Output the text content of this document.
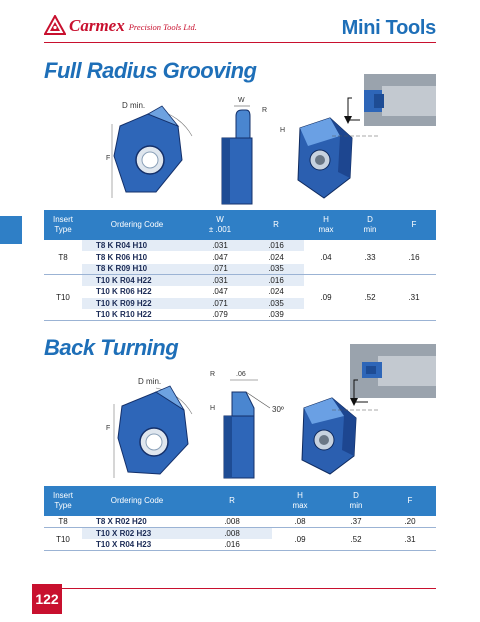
Carmex Precision Tools Ltd.	Mini Tools
Full Radius Grooving
D min.
F
W
R
H
Insert
Type	Ordering Code	W
± .001	R	H
max	D
min	F
T8	T8 K R04 H10	.031	.016	.04	.33	.16
	T8 K R06 H10	.047	.024			
	T8 K R09 H10	.071	.035			
T10	T10 K R04 H22	.031	.016	.09	.52	.31
	T10 K R06 H22	.047	.024			
	T10 K R09 H22	.071	.035			
	T10 K R10 H22	.079	.039			
Back Turning
D min.
F
R	.06
H	30º
Insert
Type	Ordering Code	R	H
max	D
min	F
T8	T8 X R02 H20	.008	.08	.37	.20
T10	T10 X R02 H23	.008	.09	.52	.31
	T10 X R04 H23	.016			
122
